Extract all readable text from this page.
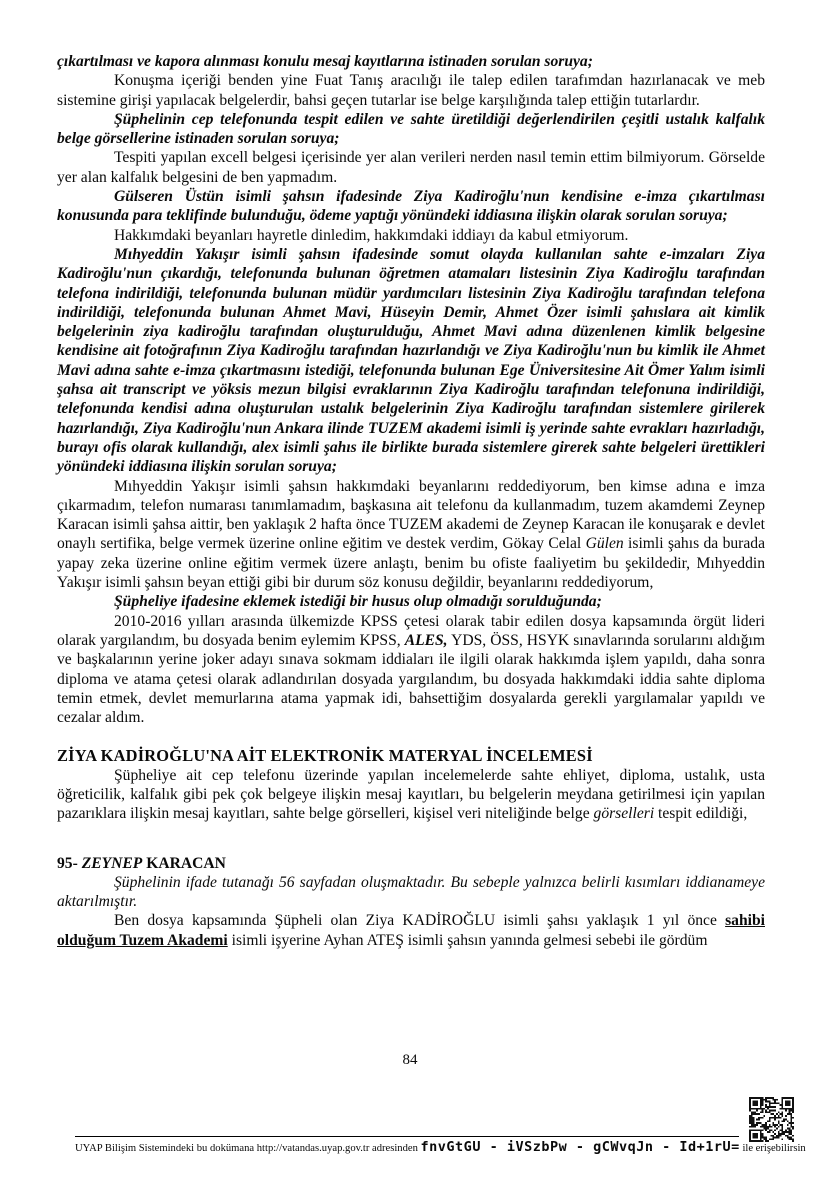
çıkartılması ve kapora alınması konulu mesaj kayıtlarına istinaden sorulan soruya;

Konuşma içeriği benden yine Fuat Tanış aracılığı ile talep edilen tarafımdan hazırlanacak ve meb sistemine girişi yapılacak belgelerdir, bahsi geçen tutarlar ise belge karşılığında talep ettiğin tutarlardır.

Şüphelinin cep telefonunda tespit edilen ve sahte üretildiği değerlendirilen çeşitli ustalık kalfalık belge görsellerine istinaden sorulan soruya;

Tespiti yapılan excell belgesi içerisinde yer alan verileri nerden nasıl temin ettim bilmiyorum. Görselde yer alan kalfalık belgesini de ben yapmadım.

Gülseren Üstün isimli şahsın ifadesinde Ziya Kadiroğlu'nun kendisine e-imza çıkartılması konusunda para teklifinde bulunduğu, ödeme yaptığı yönündeki iddiasına ilişkin olarak sorulan soruya;

Hakkımdaki beyanları hayretle dinledim, hakkımdaki iddiayı da kabul etmiyorum.

Mıhyeddin Yakışır isimli şahsın ifadesinde somut olayda kullanılan sahte e-imzaları Ziya Kadiroğlu'nun çıkardığı, telefonunda bulunan öğretmen atamaları listesinin Ziya Kadiroğlu tarafından telefona indirildiği, telefonunda bulunan müdür yardımcıları listesinin Ziya Kadiroğlu tarafından telefona indirildiği, telefonunda bulunan Ahmet Mavi, Hüseyin Demir, Ahmet Özer isimli şahıslara ait kimlik belgelerinin ziya kadiroğlu tarafından oluşturulduğu, Ahmet Mavi adına düzenlenen kimlik belgesine kendisine ait fotoğrafının Ziya Kadiroğlu tarafından hazırlandığı ve Ziya Kadiroğlu'nun bu kimlik ile Ahmet Mavi adına sahte e-imza çıkartmasını istediği, telefonunda bulunan Ege Üniversitesine Ait Ömer Yalım isimli şahsa ait transcript ve yöksis mezun bilgisi evraklarının Ziya Kadiroğlu tarafından telefonuna indirildiği, telefonunda kendisi adına oluşturulan ustalık belgelerinin Ziya Kadiroğlu tarafından sistemlere girilerek hazırlandığı, Ziya Kadiroğlu'nun Ankara ilinde TUZEM akademi isimli iş yerinde sahte evrakları hazırladığı, burayı ofis olarak kullandığı, alex isimli şahıs ile birlikte burada sistemlere girerek sahte belgeleri ürettikleri yönündeki iddiasına ilişkin sorulan soruya;

Mıhyeddin Yakışır isimli şahsın hakkımdaki beyanlarını reddediyorum, ben kimse adına e imza çıkarmadım, telefon numarası tanımlamadım, başkasına ait telefonu da kullanmadım, tuzem akamdemi Zeynep Karacan isimli şahsa aittir, ben yaklaşık 2 hafta önce TUZEM akademi de Zeynep Karacan ile konuşarak e devlet onaylı sertifika, belge vermek üzerine online eğitim ve destek verdim, Gökay Celal Gülen isimli şahıs da burada yapay zeka üzerine online eğitim vermek üzere anlaştı, benim bu ofiste faaliyetim bu şekildedir, Mıhyeddin Yakışır isimli şahsın beyan ettiği gibi bir durum söz konusu değildir, beyanlarını reddediyorum,

Şüpheliye ifadesine eklemek istediği bir husus olup olmadığı sorulduğunda;

2010-2016 yılları arasında ülkemizde KPSS çetesi olarak tabir edilen dosya kapsamında örgüt lideri olarak yargılandım, bu dosyada benim eylemim KPSS, ALES, YDS, ÖSS, HSYK sınavlarında sorularını aldığım ve başkalarının yerine joker adayı sınava sokmam iddiaları ile ilgili olarak hakkımda işlem yapıldı, daha sonra diploma ve atama çetesi olarak adlandırılan dosyada yargılandım, bu dosyada hakkımdaki iddia sahte diploma temin etmek, devlet memurlarına atama yapmak idi, bahsettiğim dosyalarda gerekli yargılamalar yapıldı ve cezalar aldım.

ZİYA KADİROĞLU'NA AİT ELEKTRONİK MATERYAL İNCELEMESİ

Şüpheliye ait cep telefonu üzerinde yapılan incelemelerde sahte ehliyet, diploma, ustalık, usta öğreticilik, kalfalık gibi pek çok belgeye ilişkin mesaj kayıtları, bu belgelerin meydana getirilmesi için yapılan pazarıklara ilişkin mesaj kayıtları, sahte belge görselleri, kişisel veri niteliğinde belge görselleri tespit edildiği,

95- ZEYNEP KARACAN

Şüphelinin ifade tutanağı 56 sayfadan oluşmaktadır. Bu sebeple yalnızca belirli kısımları iddianameye aktarılmıştır.

Ben dosya kapsamında Şüpheli olan Ziya KADİROĞLU isimli şahsı yaklaşık 1 yıl önce sahibi olduğum Tuzem Akademi isimli işyerine Ayhan ATEŞ isimli şahsın yanında gelmesi sebebi ile gördüm

84
UYAP Bilişim Sistemindeki bu dokümana http://vatandas.uyap.gov.tr adresinden fnvGtGU - iVSzbPw - gCWvqJn - Id+1rU= ile erişebilirsin
